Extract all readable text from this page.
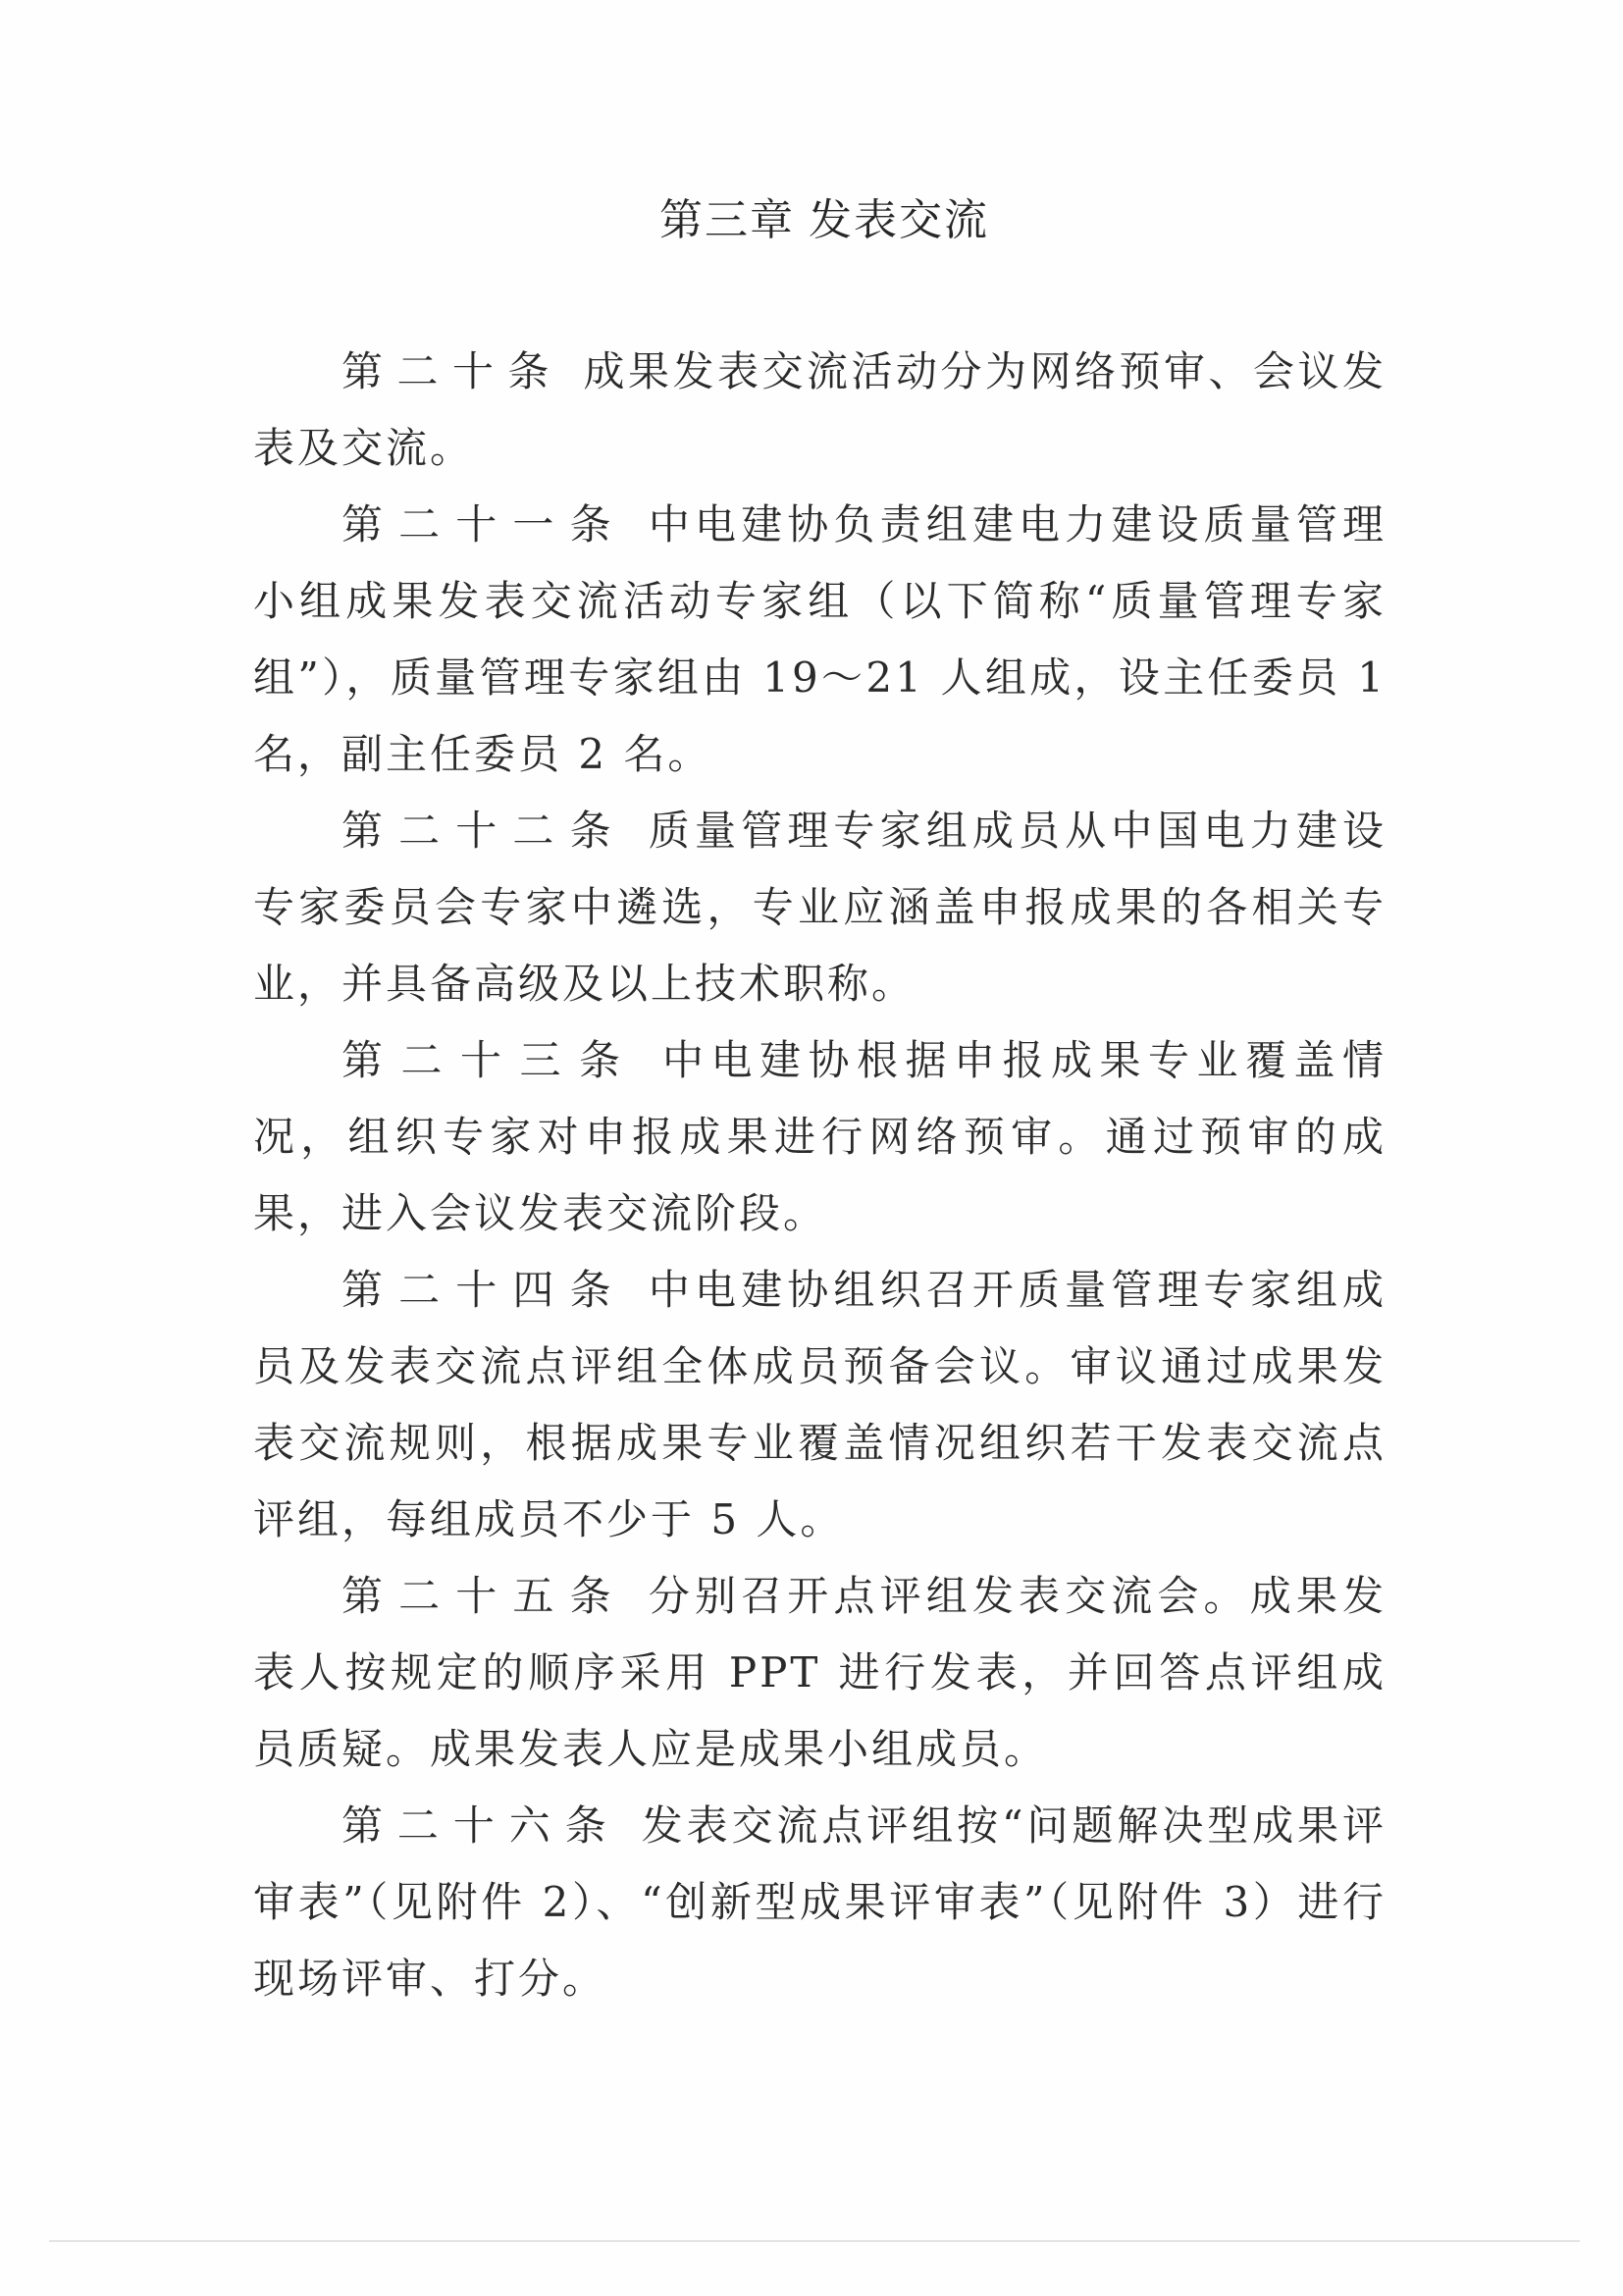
第三章 发表交流

第二十条 成果发表交流活动分为网络预审、会议发表及交流。

第二十一条 中电建协负责组建电力建设质量管理小组成果发表交流活动专家组（以下简称“质量管理专家组”），质量管理专家组由 19～21 人组成，设主任委员 1 名，副主任委员 2 名。

第二十二条 质量管理专家组成员从中国电力建设专家委员会专家中遴选，专业应涵盖申报成果的各相关专业，并具备高级及以上技术职称。

第二十三条 中电建协根据申报成果专业覆盖情况，组织专家对申报成果进行网络预审。通过预审的成果，进入会议发表交流阶段。

第二十四条 中电建协组织召开质量管理专家组成员及发表交流点评组全体成员预备会议。审议通过成果发表交流规则，根据成果专业覆盖情况组织若干发表交流点评组，每组成员不少于 5 人。

第二十五条 分别召开点评组发表交流会。成果发表人按规定的顺序采用 PPT 进行发表，并回答点评组成员质疑。成果发表人应是成果小组成员。

第二十六条 发表交流点评组按“问题解决型成果评审表”（见附件 2）、“创新型成果评审表”（见附件 3）进行现场评审、打分。
